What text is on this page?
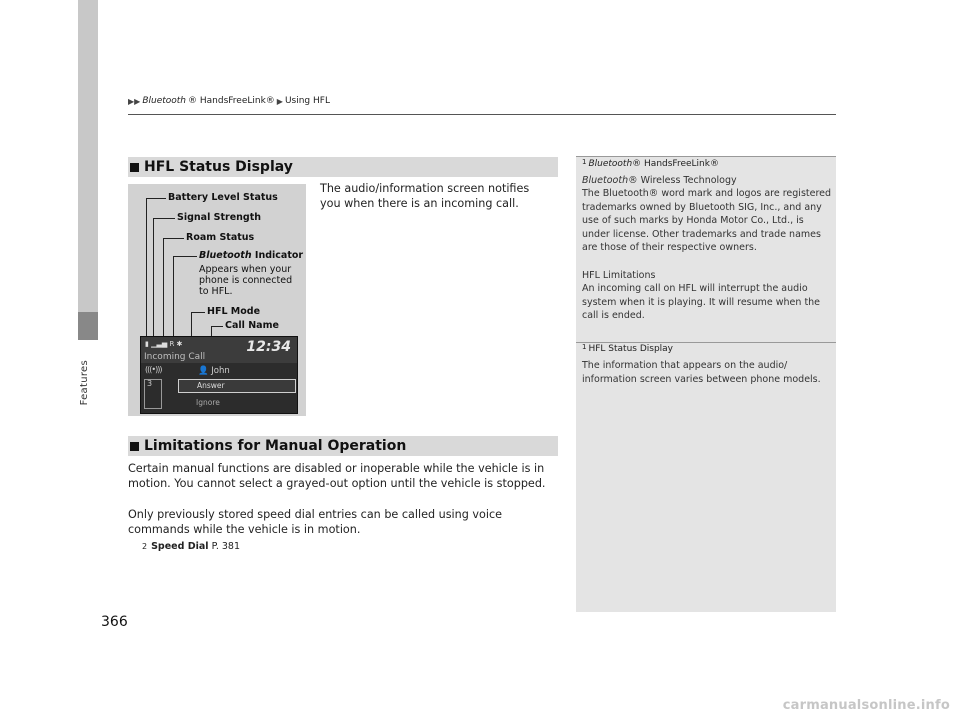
Features
▶▶ Bluetooth ® HandsFreeLink® ▶ Using HFL
HFL Status Display
Battery Level Status
Signal Strength
Roam Status
Bluetooth Indicator
Appears when your phone is connected to HFL.
HFL Mode
Call Name
▮ ▁▃▅ R ✱	12:34
Incoming Call
(((•)))	👤 John
3	Answer
Ignore
The audio/information screen notifies you when there is an incoming call.
Limitations for Manual Operation
Certain manual functions are disabled or inoperable while the vehicle is in motion. You cannot select a grayed-out option until the vehicle is stopped.
Only previously stored speed dial entries can be called using voice commands while the vehicle is in motion.
2 Speed Dial P. 381
$^1$ Bluetooth® HandsFreeLink®
Bluetooth® Wireless Technology
The Bluetooth® word mark and logos are registered trademarks owned by Bluetooth SIG, Inc., and any use of such marks by Honda Motor Co., Ltd., is under license. Other trademarks and trade names are those of their respective owners.
HFL Limitations
An incoming call on HFL will interrupt the audio system when it is playing. It will resume when the call is ended.
$^1$ HFL Status Display
The information that appears on the audio/ information screen varies between phone models.
366
carmanualsonline.info
